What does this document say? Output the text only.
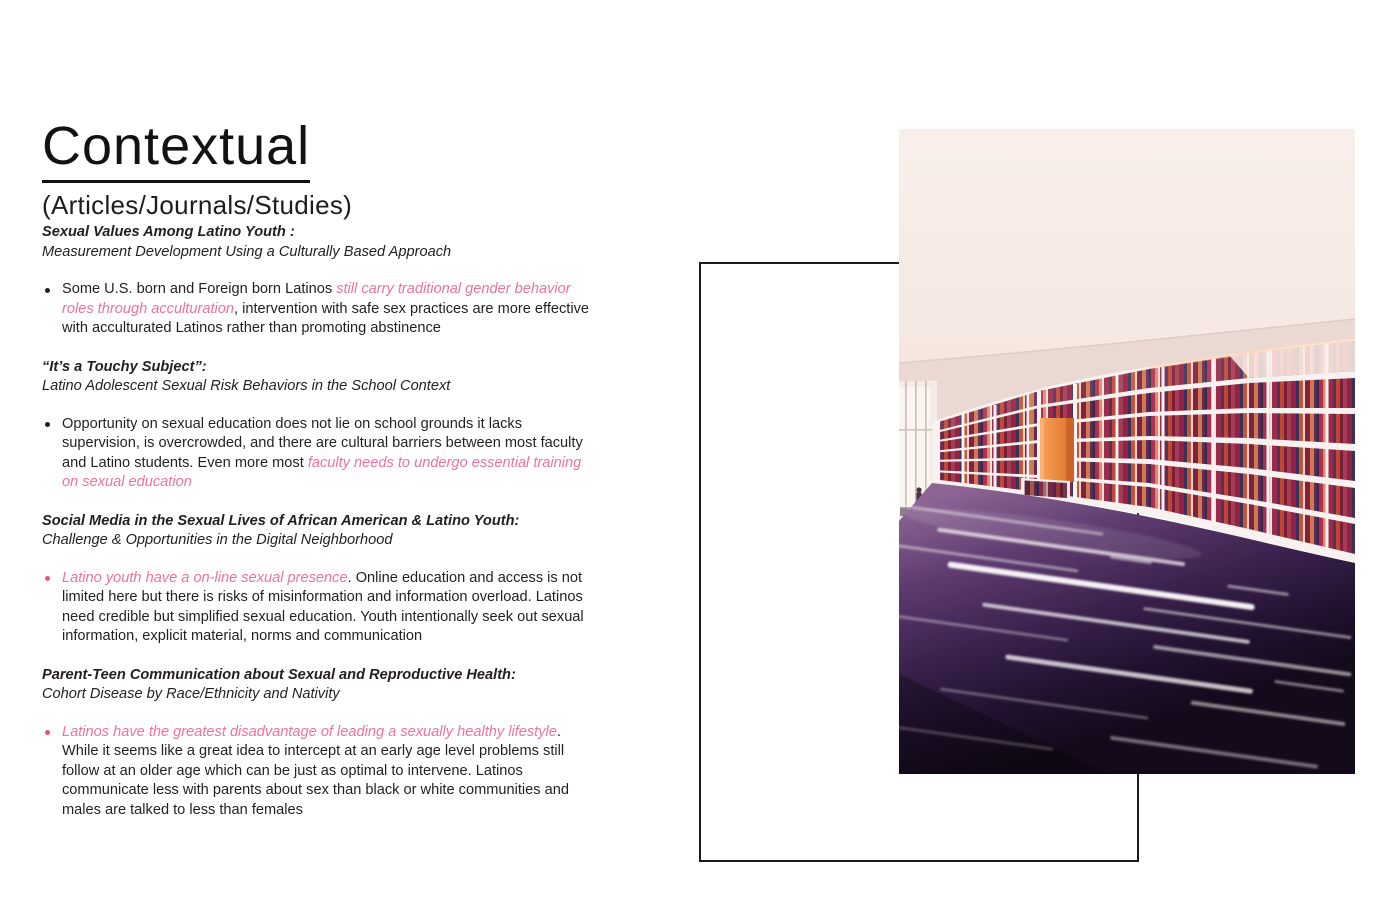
Contextual
(Articles/Journals/Studies)
Sexual Values Among Latino Youth :
Measurement Development Using a Culturally Based Approach
Some U.S. born and Foreign born Latinos still carry traditional gender behavior roles through acculturation, intervention with safe sex practices are more effective with acculturated Latinos rather than promoting abstinence
“It’s a Touchy Subject”:
Latino Adolescent Sexual Risk Behaviors in the School Context
Opportunity on sexual education does not lie on school grounds it lacks supervision, is overcrowded, and there are cultural barriers between most faculty and Latino students. Even more most faculty needs to undergo essential training on sexual education
Social Media in the Sexual Lives of African American & Latino Youth:
Challenge & Opportunities in the Digital Neighborhood
Latino youth have a on-line sexual presence. Online education and access is not limited here but there is risks of misinformation and information overload. Latinos need credible but simplified sexual education. Youth intentionally seek out sexual information, explicit material, norms and communication
Parent-Teen Communication about Sexual and Reproductive Health:
Cohort Disease by Race/Ethnicity and Nativity
Latinos have the greatest disadvantage of leading a sexually healthy lifestyle. While it seems like a great idea to intercept at an early age level problems still follow at an older age which can be just as optimal to intervene. Latinos communicate less with parents about sex than black or white communities and males are talked to less than females
